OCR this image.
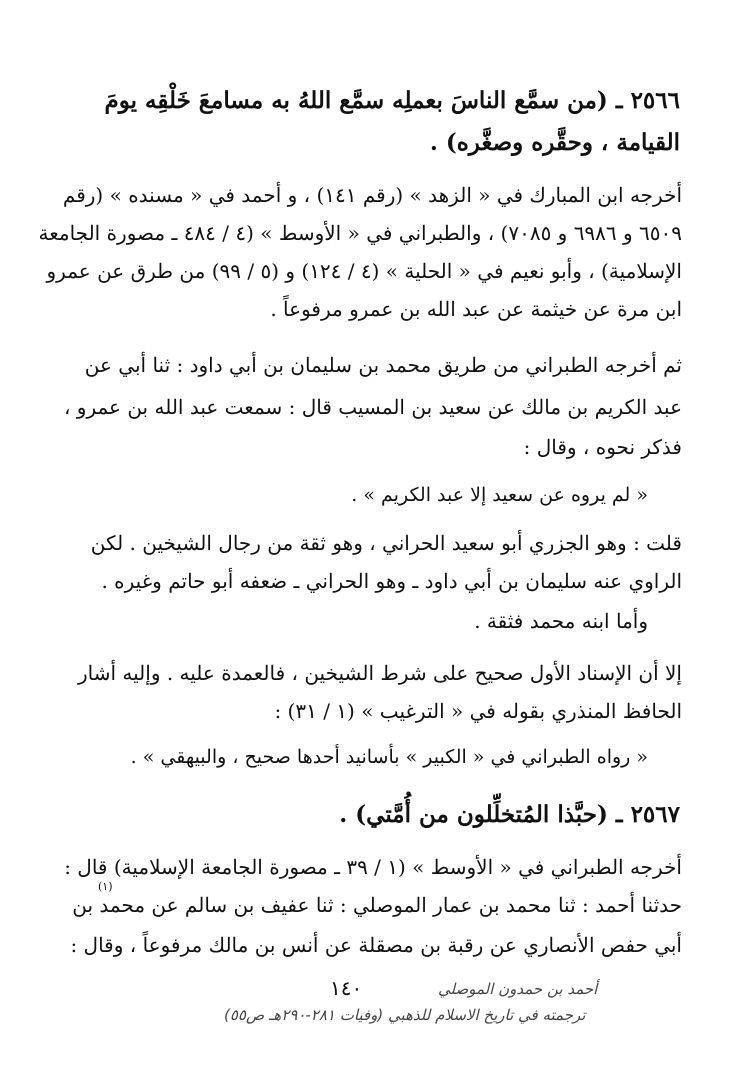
٢٥٦٦ ـ (من سمَّع الناسَ بعملِه سمَّع اللهُ به مسامعَ خَلْقِه يومَ
القيامة ، وحقَّره وصغَّره) .
أخرجه ابن المبارك في « الزهد » (رقم ١٤١) ، و أحمد في « مسنده » (رقم
٦٥٠٩ و ٦٩٨٦ و ٧٠٨٥) ، والطبراني في « الأوسط » (٤ / ٤٨٤ ـ مصورة الجامعة
الإسلامية) ، وأبو نعيم في « الحلية » (٤ / ١٢٤) و (٥ / ٩٩) من طرق عن عمرو
ابن مرة عن خيثمة عن عبد الله بن عمرو مرفوعاً .
ثم أخرجه الطبراني من طريق محمد بن سليمان بن أبي داود : ثنا أبي عن
عبد الكريم بن مالك عن سعيد بن المسيب قال : سمعت عبد الله بن عمرو ،
فذكر نحوه ، وقال :
« لم يروه عن سعيد إلا عبد الكريم » .
قلت : وهو الجزري أبو سعيد الحراني ، وهو ثقة من رجال الشيخين . لكن
الراوي عنه سليمان بن أبي داود ـ وهو الحراني ـ ضعفه أبو حاتم وغيره .
وأما ابنه محمد فثقة .
إلا أن الإسناد الأول صحيح على شرط الشيخين ، فالعمدة عليه . وإليه أشار
الحافظ المنذري بقوله في « الترغيب » (١ / ٣١) :
« رواه الطبراني في « الكبير » بأسانيد أحدها صحيح ، والبيهقي » .
٢٥٦٧ ـ (حبَّذا المُتخلِّلون من أُمَّتي) .
أخرجه الطبراني في « الأوسط » (١ / ٣٩ ـ مصورة الجامعة الإسلامية) قال :
(١)
حدثنا أحمد : ثنا محمد بن عمار الموصلي : ثنا عفيف بن سالم عن محمد بن
أبي حفص الأنصاري عن رقبة بن مصقلة عن أنس بن مالك مرفوعاً ، وقال :
١٤٠	أحمد بن حمدون الموصلي
ترجمته في تاريخ الاسلام للذهبي (وفيات ٢٨١-٢٩٠هـ ص٥٥)
